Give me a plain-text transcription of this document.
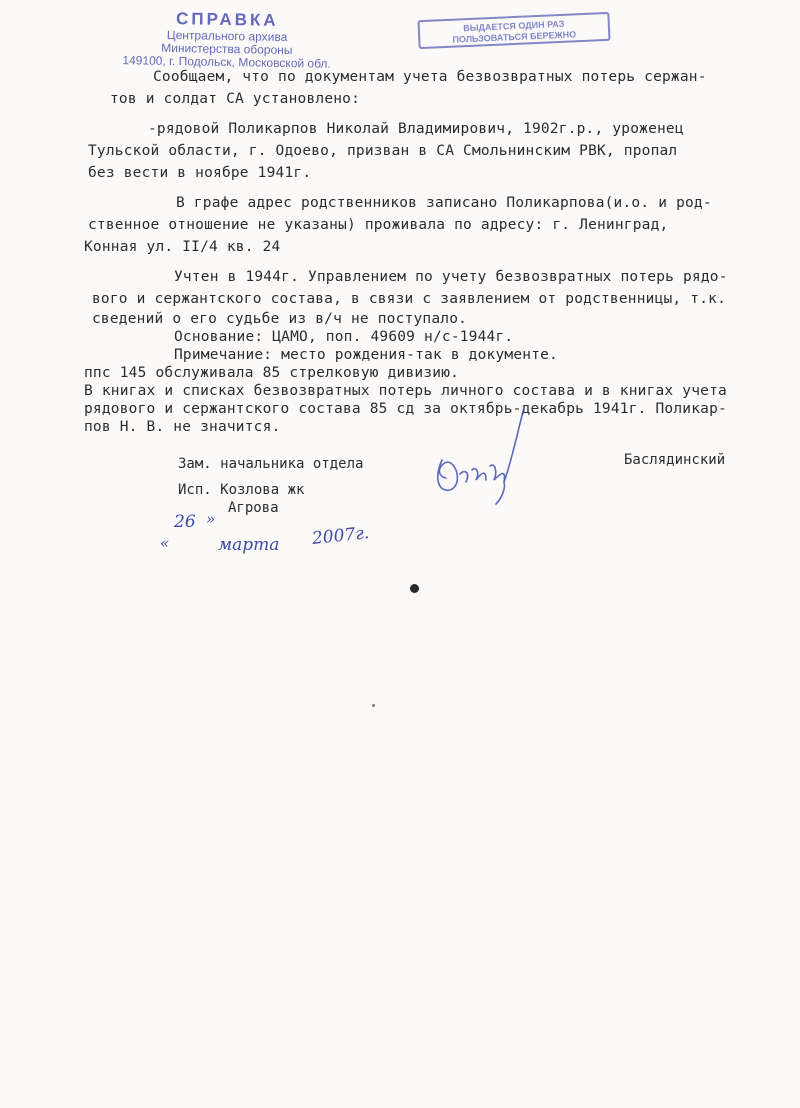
СПРАВКА
Центрального архива
Министерства обороны
149100, г. Подольск, Московской обл.
ВЫДАЕТСЯ ОДИН РАЗ
ПОЛЬЗОВАТЬСЯ БЕРЕЖНО
Сообщаем, что по документам учета безвозвратных потерь сержан-
тов и солдат СА установлено:
-рядовой Поликарпов Николай Владимирович, 1902г.р., уроженец
Тульской области, г. Одоево, призван в СА Смольнинским РВК, пропал
без вести в ноябре 1941г.
В графе адрес родственников записано Поликарпова(и.о. и род-
ственное отношение не указаны) проживала по адресу: г. Ленинград,
Конная ул. II/4 кв. 24
Учтен в 1944г. Управлением по учету безвозвратных потерь рядо-
вого и сержантского состава, в связи с заявлением от родственницы, т.к.
сведений о его судьбе из в/ч не поступало.
Основание: ЦАМО, поп. 49609 н/с-1944г.
Примечание: место рождения-так в документе.
ппс 145 обслуживала 85 стрелковую дивизию.
В книгах и списках безвозвратных потерь личного состава и в книгах учета
рядового и сержантского состава 85 сд за октябрь-декабрь 1941г. Поликар-
пов Н. В. не значится.
Зам. начальника отдела	Баслядинский
Исп. Козлова жк
Агрова
26 »
«	марта 2007г.
